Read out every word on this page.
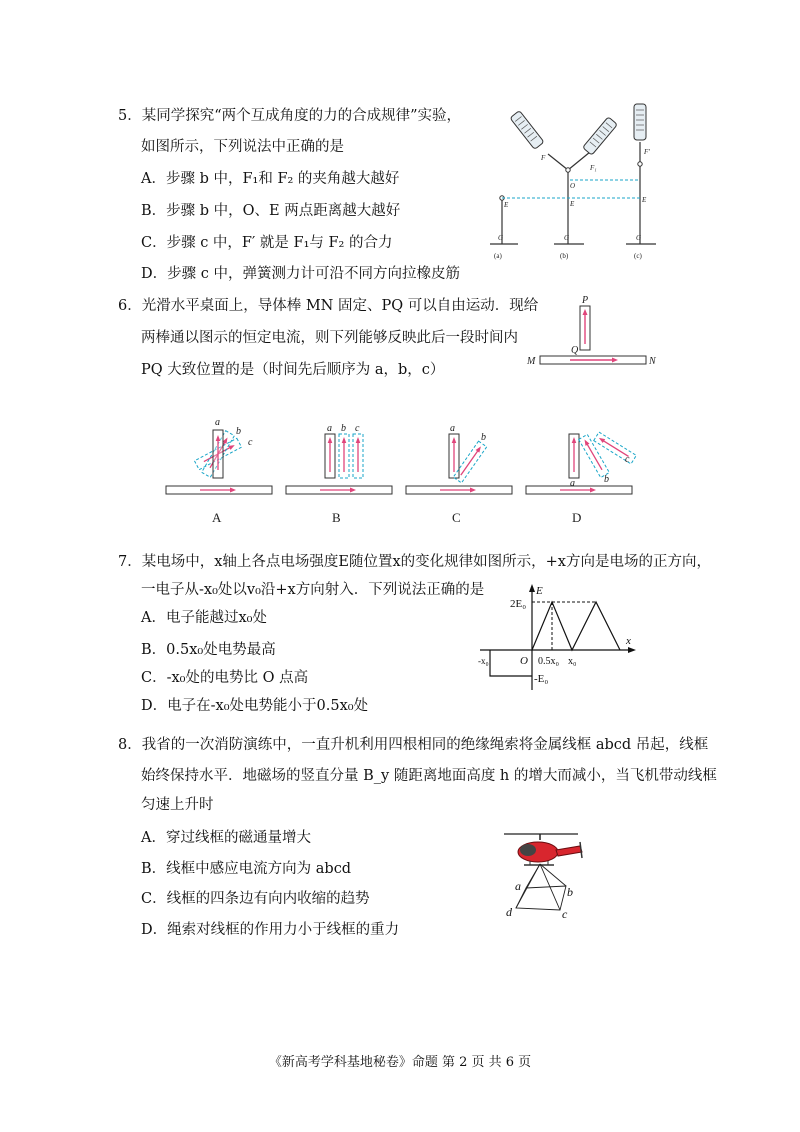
5．某同学探究“两个互成角度的力的合成规律”实验，
如图所示，下列说法中正确的是
A．步骤 b 中，F₁和 F₂ 的夹角越大越好
B．步骤 b 中，O、E 两点距离越大越好
C．步骤 c 中，F′ 就是 F₁与 F₂ 的合力
D．步骤 c 中，弹簧测力计可沿不同方向拉橡皮筋
F
F₁
O
E	E	E
F′
G	G	G
(a)	(b)	(c)
6．光滑水平桌面上，导体棒 MN 固定、PQ 可以自由运动．现给
两棒通以图示的恒定电流，则下列能够反映此后一段时间内
PQ 大致位置的是（时间先后顺序为 a，b，c）
P
Q
M	N
a
b
c
a b c	a
b
a	b
c
A	B	C	D
7．某电场中，x轴上各点电场强度E随位置x的变化规律如图所示，+x方向是电场的正方向，
一电子从-x₀处以v₀沿+x方向射入．下列说法正确的是
A．电子能越过x₀处
B．0.5x₀处电势最高
C．-x₀处的电势比 O 点高
D．电子在-x₀处电势能小于0.5x₀处
E
x
2E₀
-E₀
-x₀	O 0.5x₀ x₀
8．我省的一次消防演练中，一直升机利用四根相同的绝缘绳索将金属线框 abcd 吊起，线框
始终保持水平．地磁场的竖直分量 B_y 随距离地面高度 h 的增大而减小，当飞机带动线框
匀速上升时
A．穿过线框的磁通量增大
B．线框中感应电流方向为 abcd
C．线框的四条边有向内收缩的趋势
D．绳索对线框的作用力小于线框的重力
a	b
c
d
《新高考学科基地秘卷》命题 第 2 页 共 6 页
